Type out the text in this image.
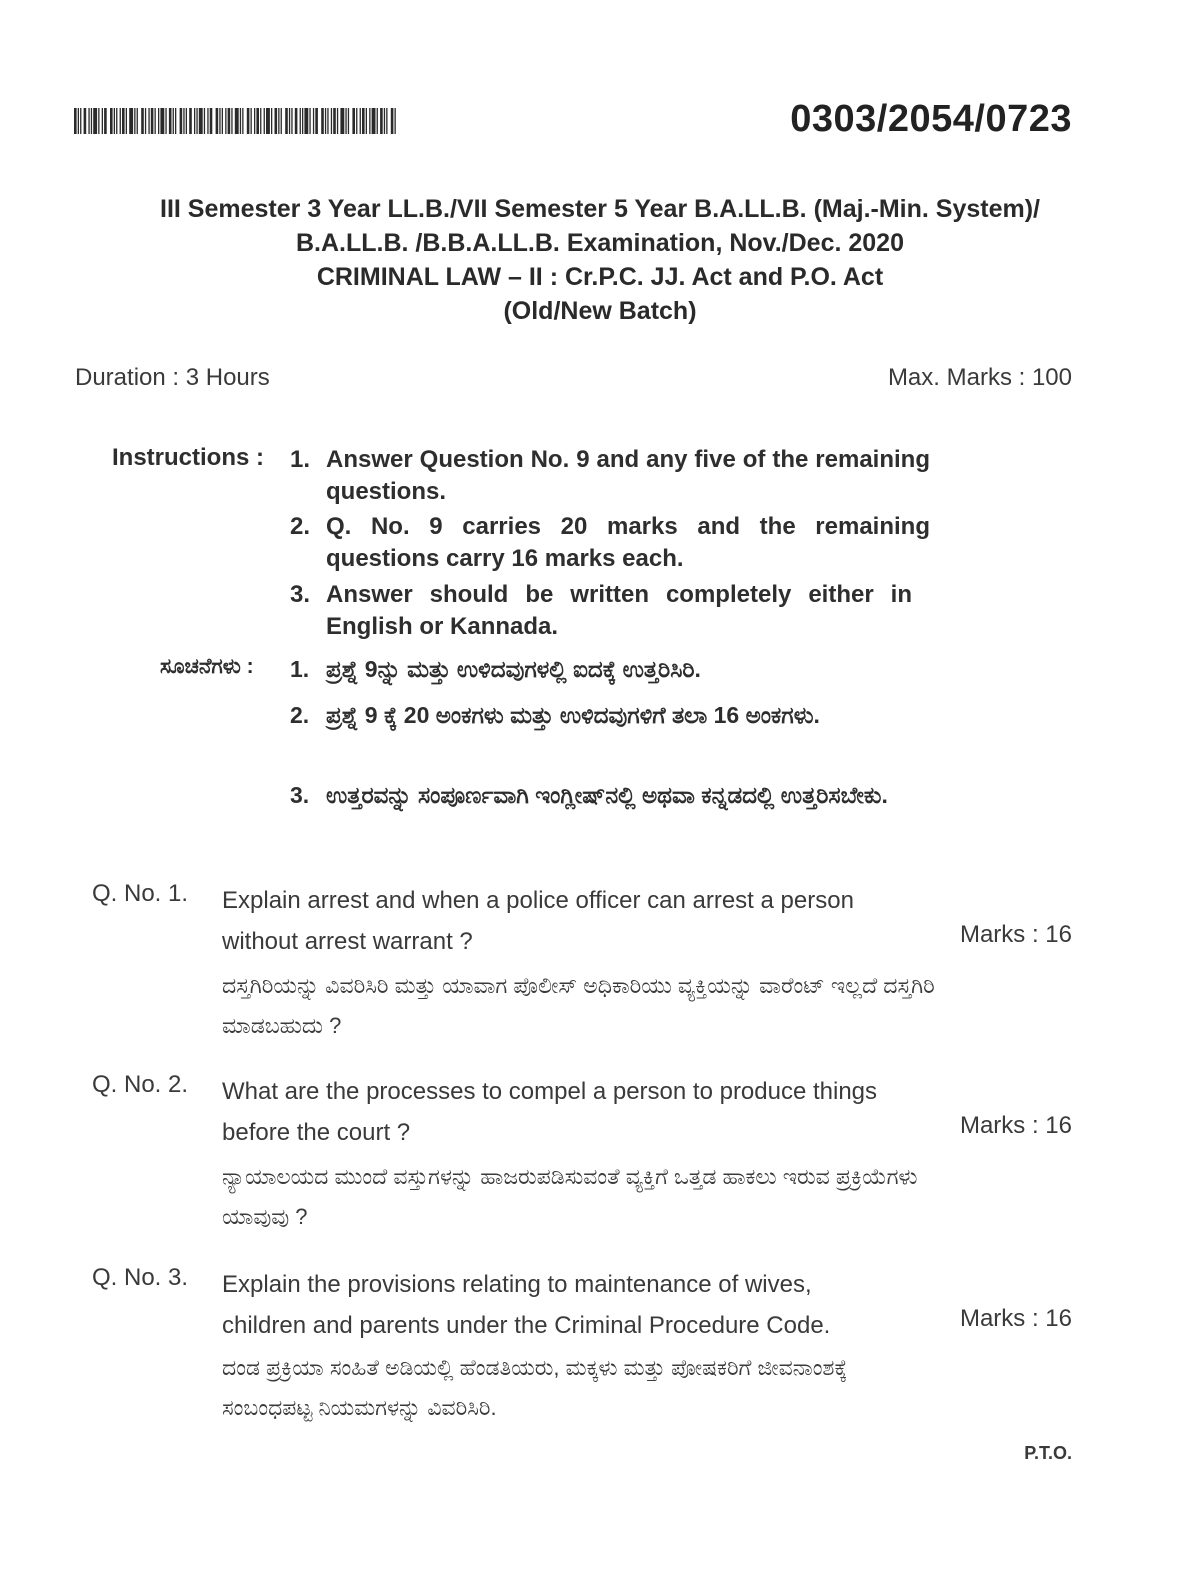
0303/2054/0723
III Semester 3 Year LL.B./VII Semester 5 Year B.A.LL.B. (Maj.-Min. System)/
B.A.LL.B. /B.B.A.LL.B. Examination, Nov./Dec. 2020
CRIMINAL LAW – II : Cr.P.C. JJ. Act and P.O. Act
(Old/New Batch)
Duration : 3 Hours	Max. Marks : 100
Instructions : 1. Answer Question No. 9 and any five of the remaining questions.
2. Q. No. 9 carries 20 marks and the remaining questions carry 16 marks each.
3. Answer should be written completely either in English or Kannada.
ಸೂಚನೆಗಳು : 1. ಪ್ರಶ್ನೆ 9ನ್ನು ಮತ್ತು ಉಳಿದವುಗಳಲ್ಲಿ ಐದಕ್ಕೆ ಉತ್ತರಿಸಿರಿ.
2. ಪ್ರಶ್ನೆ 9 ಕ್ಕೆ 20 ಅಂಕಗಳು ಮತ್ತು ಉಳಿದವುಗಳಿಗೆ ತಲಾ 16 ಅಂಕಗಳು.
3. ಉತ್ತರವನ್ನು ಸಂಪೂರ್ಣವಾಗಿ ಇಂಗ್ಲೀಷ್‌ನಲ್ಲಿ ಅಥವಾ ಕನ್ನಡದಲ್ಲಿ ಉತ್ತರಿಸಬೇಕು.
Q. No. 1. Explain arrest and when a police officer can arrest a person
without arrest warrant ?	Marks : 16
ದಸ್ತಗಿರಿಯನ್ನು ವಿವರಿಸಿರಿ ಮತ್ತು ಯಾವಾಗ ಪೊಲೀಸ್ ಅಧಿಕಾರಿಯು ವ್ಯಕ್ತಿಯನ್ನು ವಾರೆಂಟ್ ಇಲ್ಲದೆ ದಸ್ತಗಿರಿ ಮಾಡಬಹುದು ?
Q. No. 2. What are the processes to compel a person to produce things
before the court ?	Marks : 16
ನ್ಯಾಯಾಲಯದ ಮುಂದೆ ವಸ್ತುಗಳನ್ನು ಹಾಜರುಪಡಿಸುವಂತೆ ವ್ಯಕ್ತಿಗೆ ಒತ್ತಡ ಹಾಕಲು ಇರುವ ಪ್ರಕ್ರಿಯೆಗಳು ಯಾವುವು ?
Q. No. 3. Explain the provisions relating to maintenance of wives,
children and parents under the Criminal Procedure Code.	Marks : 16
ದಂಡ ಪ್ರಕ್ರಿಯಾ ಸಂಹಿತೆ ಅಡಿಯಲ್ಲಿ ಹೆಂಡತಿಯರು, ಮಕ್ಕಳು ಮತ್ತು ಪೋಷಕರಿಗೆ ಜೀವನಾಂಶಕ್ಕೆ ಸಂಬಂಧಪಟ್ಟ ನಿಯಮಗಳನ್ನು ವಿವರಿಸಿರಿ.
P.T.O.
